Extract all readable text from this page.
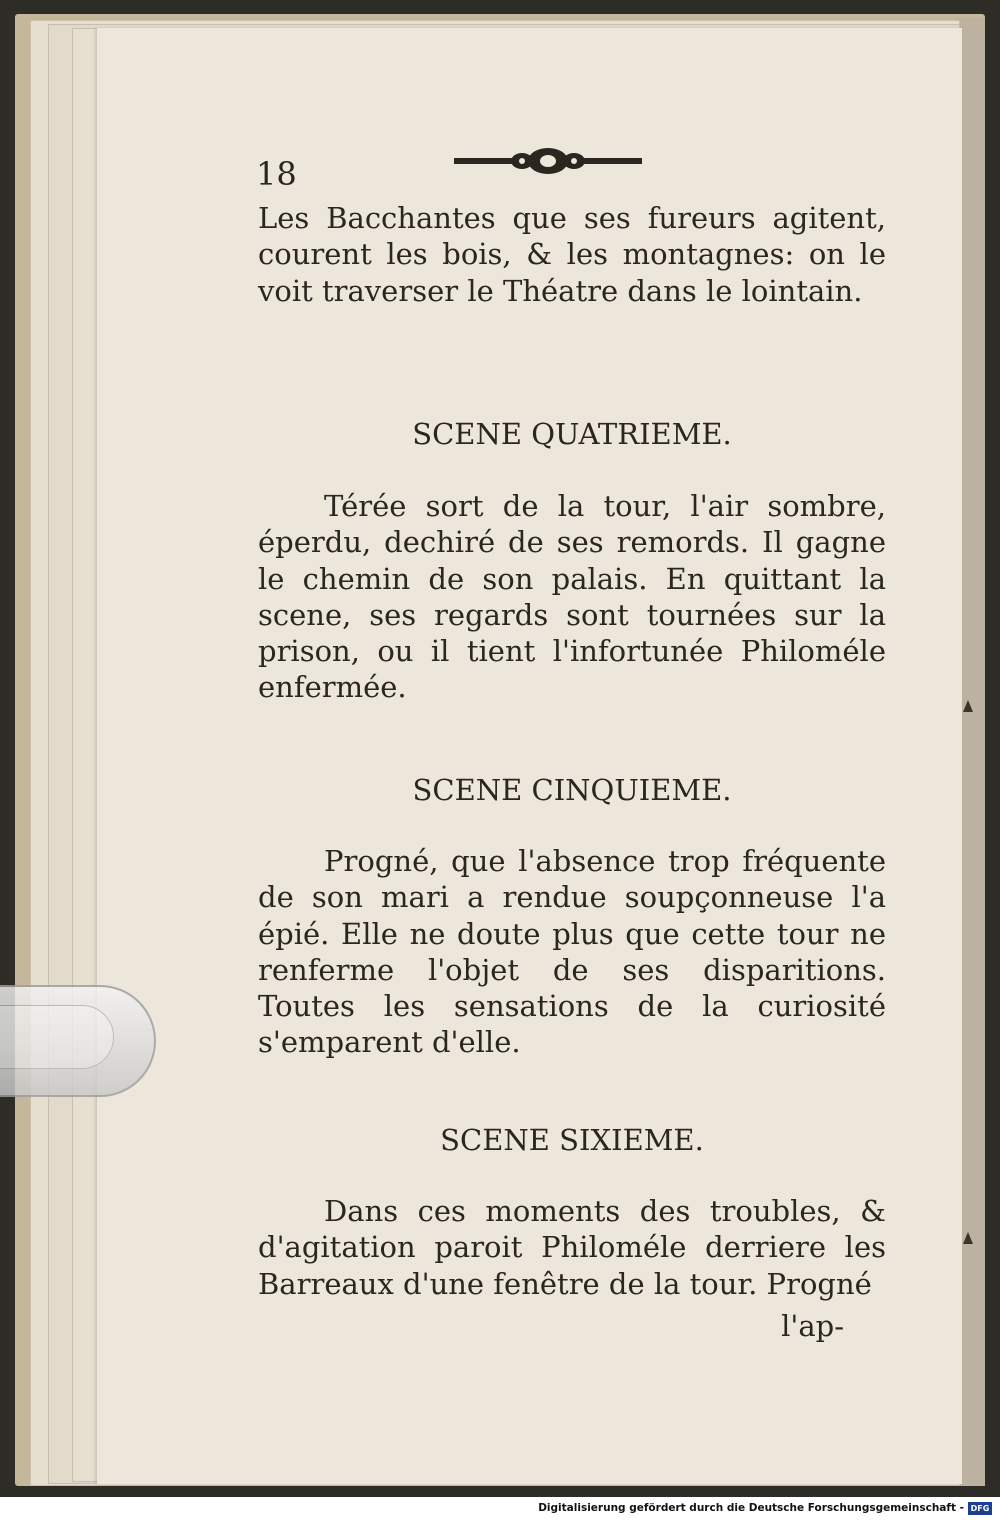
18

Les Bacchantes que ses fureurs agitent, courent les bois, & les montagnes: on le voit traverser le Théatre dans le lointain.

SCENE QUATRIEME.

Térée sort de la tour, l'air sombre, éperdu, dechiré de ses remords. Il gagne le chemin de son palais. En quittant la scene, ses regards sont tournées sur la prison, ou il tient l'infortunée Philoméle enfermée.

SCENE CINQUIEME.

Progné, que l'absence trop fréquente de son mari a rendue soupçonneuse l'a épié. Elle ne doute plus que cette tour ne renferme l'objet de ses disparitions. Toutes les sensations de la curiosité s'emparent d'elle.

SCENE SIXIEME.

Dans ces moments des troubles, & d'agitation paroit Philoméle derriere les Barreaux d'une fenêtre de la tour. Progné

l'ap-
Digitalisierung gefördert durch die Deutsche Forschungsgemeinschaft - DFG
